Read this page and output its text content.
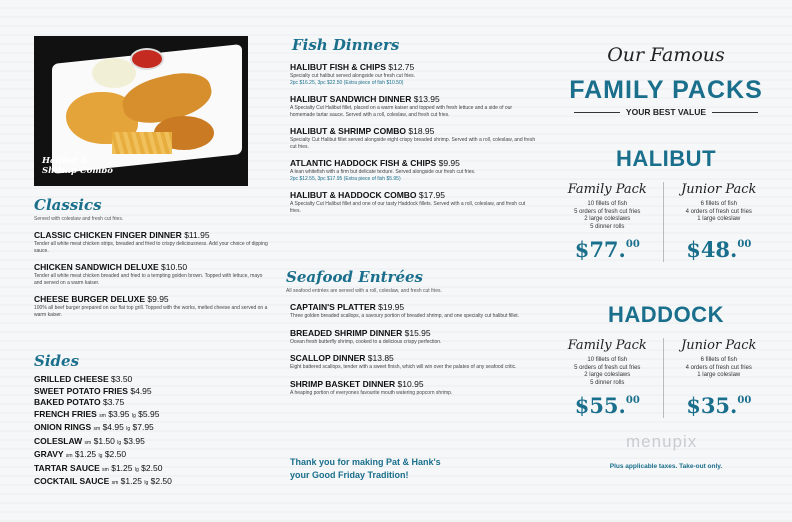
Halibut &
Shrimp Combo
Classics
Served with coleslaw and fresh cut fries.
CLASSIC CHICKEN FINGER DINNER $11.95
Tender all white meat chicken strips, breaded and fried to crispy deliciousness. Add your choice of dipping sauce.
CHICKEN SANDWICH DELUXE $10.50
Tender all white meat chicken breaded and fried to a tempting golden brown. Topped with lettuce, mayo and served on a warm kaiser.
CHEESE BURGER DELUXE $9.95
100% all beef burger prepared on our flat top grill. Topped with the works, melted cheese and served on a warm kaiser.
Sides
GRILLED CHEESE $3.50
SWEET POTATO FRIES $4.95
BAKED POTATO $3.75
FRENCH FRIES sm $3.95 lg $5.95
ONION RINGS sm $4.95 lg $7.95
COLESLAW sm $1.50 lg $3.95
GRAVY sm $1.25 lg $2.50
TARTAR SAUCE sm $1.25 lg $2.50
COCKTAIL SAUCE sm $1.25 lg $2.50
Fish Dinners
HALIBUT FISH & CHIPS $12.75
Specialty cut halibut served alongside our fresh cut fries.
2pc $16.25, 3pc $22.50 (Extra piece of fish $10.50)
HALIBUT SANDWICH DINNER $13.95
A Specialty Cut Halibut fillet, placed on a warm kaiser and topped with fresh lettuce and a side of our homemade tartar sauce. Served with a roll, coleslaw, and fresh cut fries.
HALIBUT & SHRIMP COMBO $18.95
Specialty Cut Halibut fillet served alongside eight crispy breaded shrimp. Served with a roll, coleslaw, and fresh cut fries.
ATLANTIC HADDOCK FISH & CHIPS $9.95
A lean whitefish with a firm but delicate texture. Served alongside our fresh cut fries.
2pc $12.55, 3pc $17.95 (Extra piece of fish $5.95)
HALIBUT & HADDOCK COMBO $17.95
A Specialty Cut Halibut fillet and one of our tasty Haddock fillets. Served with a roll, coleslaw, and fresh cut fries.
Seafood Entrées
All seafood entrées are served with a roll, coleslaw, and fresh cut fries.
CAPTAIN'S PLATTER $19.95
Three golden breaded scallops, a savoury portion of breaded shrimp, and one specialty cut halibut fillet.
BREADED SHRIMP DINNER $15.95
Ocean fresh butterfly shrimp, cooked to a delicious crispy perfection.
SCALLOP DINNER $13.85
Eight battered scallops, tender with a sweet finish, which will win over the palates of any seafood critic.
SHRIMP BASKET DINNER $10.95
A heaping portion of everyones favourite mouth watering popcorn shrimp.
Thank you for making Pat & Hank's
your Good Friday Tradition!
Our Famous
FAMILY PACKS
YOUR BEST VALUE
HALIBUT
Family Pack
10 fillets of fish
5 orders of fresh cut fries
2 large coleslaws
5 dinner rolls
$77.00
Junior Pack
6 fillets of fish
4 orders of fresh cut fries
1 large coleslaw
$48.00
HADDOCK
Family Pack
10 fillets of fish
5 orders of fresh cut fries
2 large coleslaws
5 dinner rolls
$55.00
Junior Pack
6 fillets of fish
4 orders of fresh cut fries
1 large coleslaw
$35.00
menupix
Plus applicable taxes. Take-out only.
